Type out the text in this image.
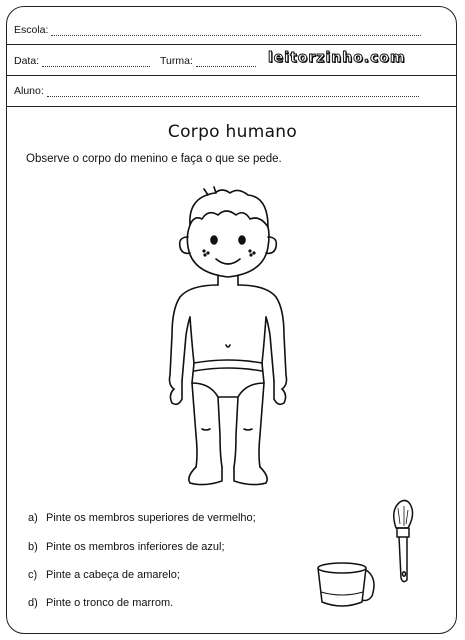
Escola:
Data:	Turma:	leitorzinho.com
Aluno:
Corpo humano
Observe o corpo do menino e faça o que se pede.
a) Pinte os membros superiores de vermelho;
b) Pinte os membros inferiores de azul;
c) Pinte a cabeça de amarelo;
d) Pinte o tronco de marrom.
